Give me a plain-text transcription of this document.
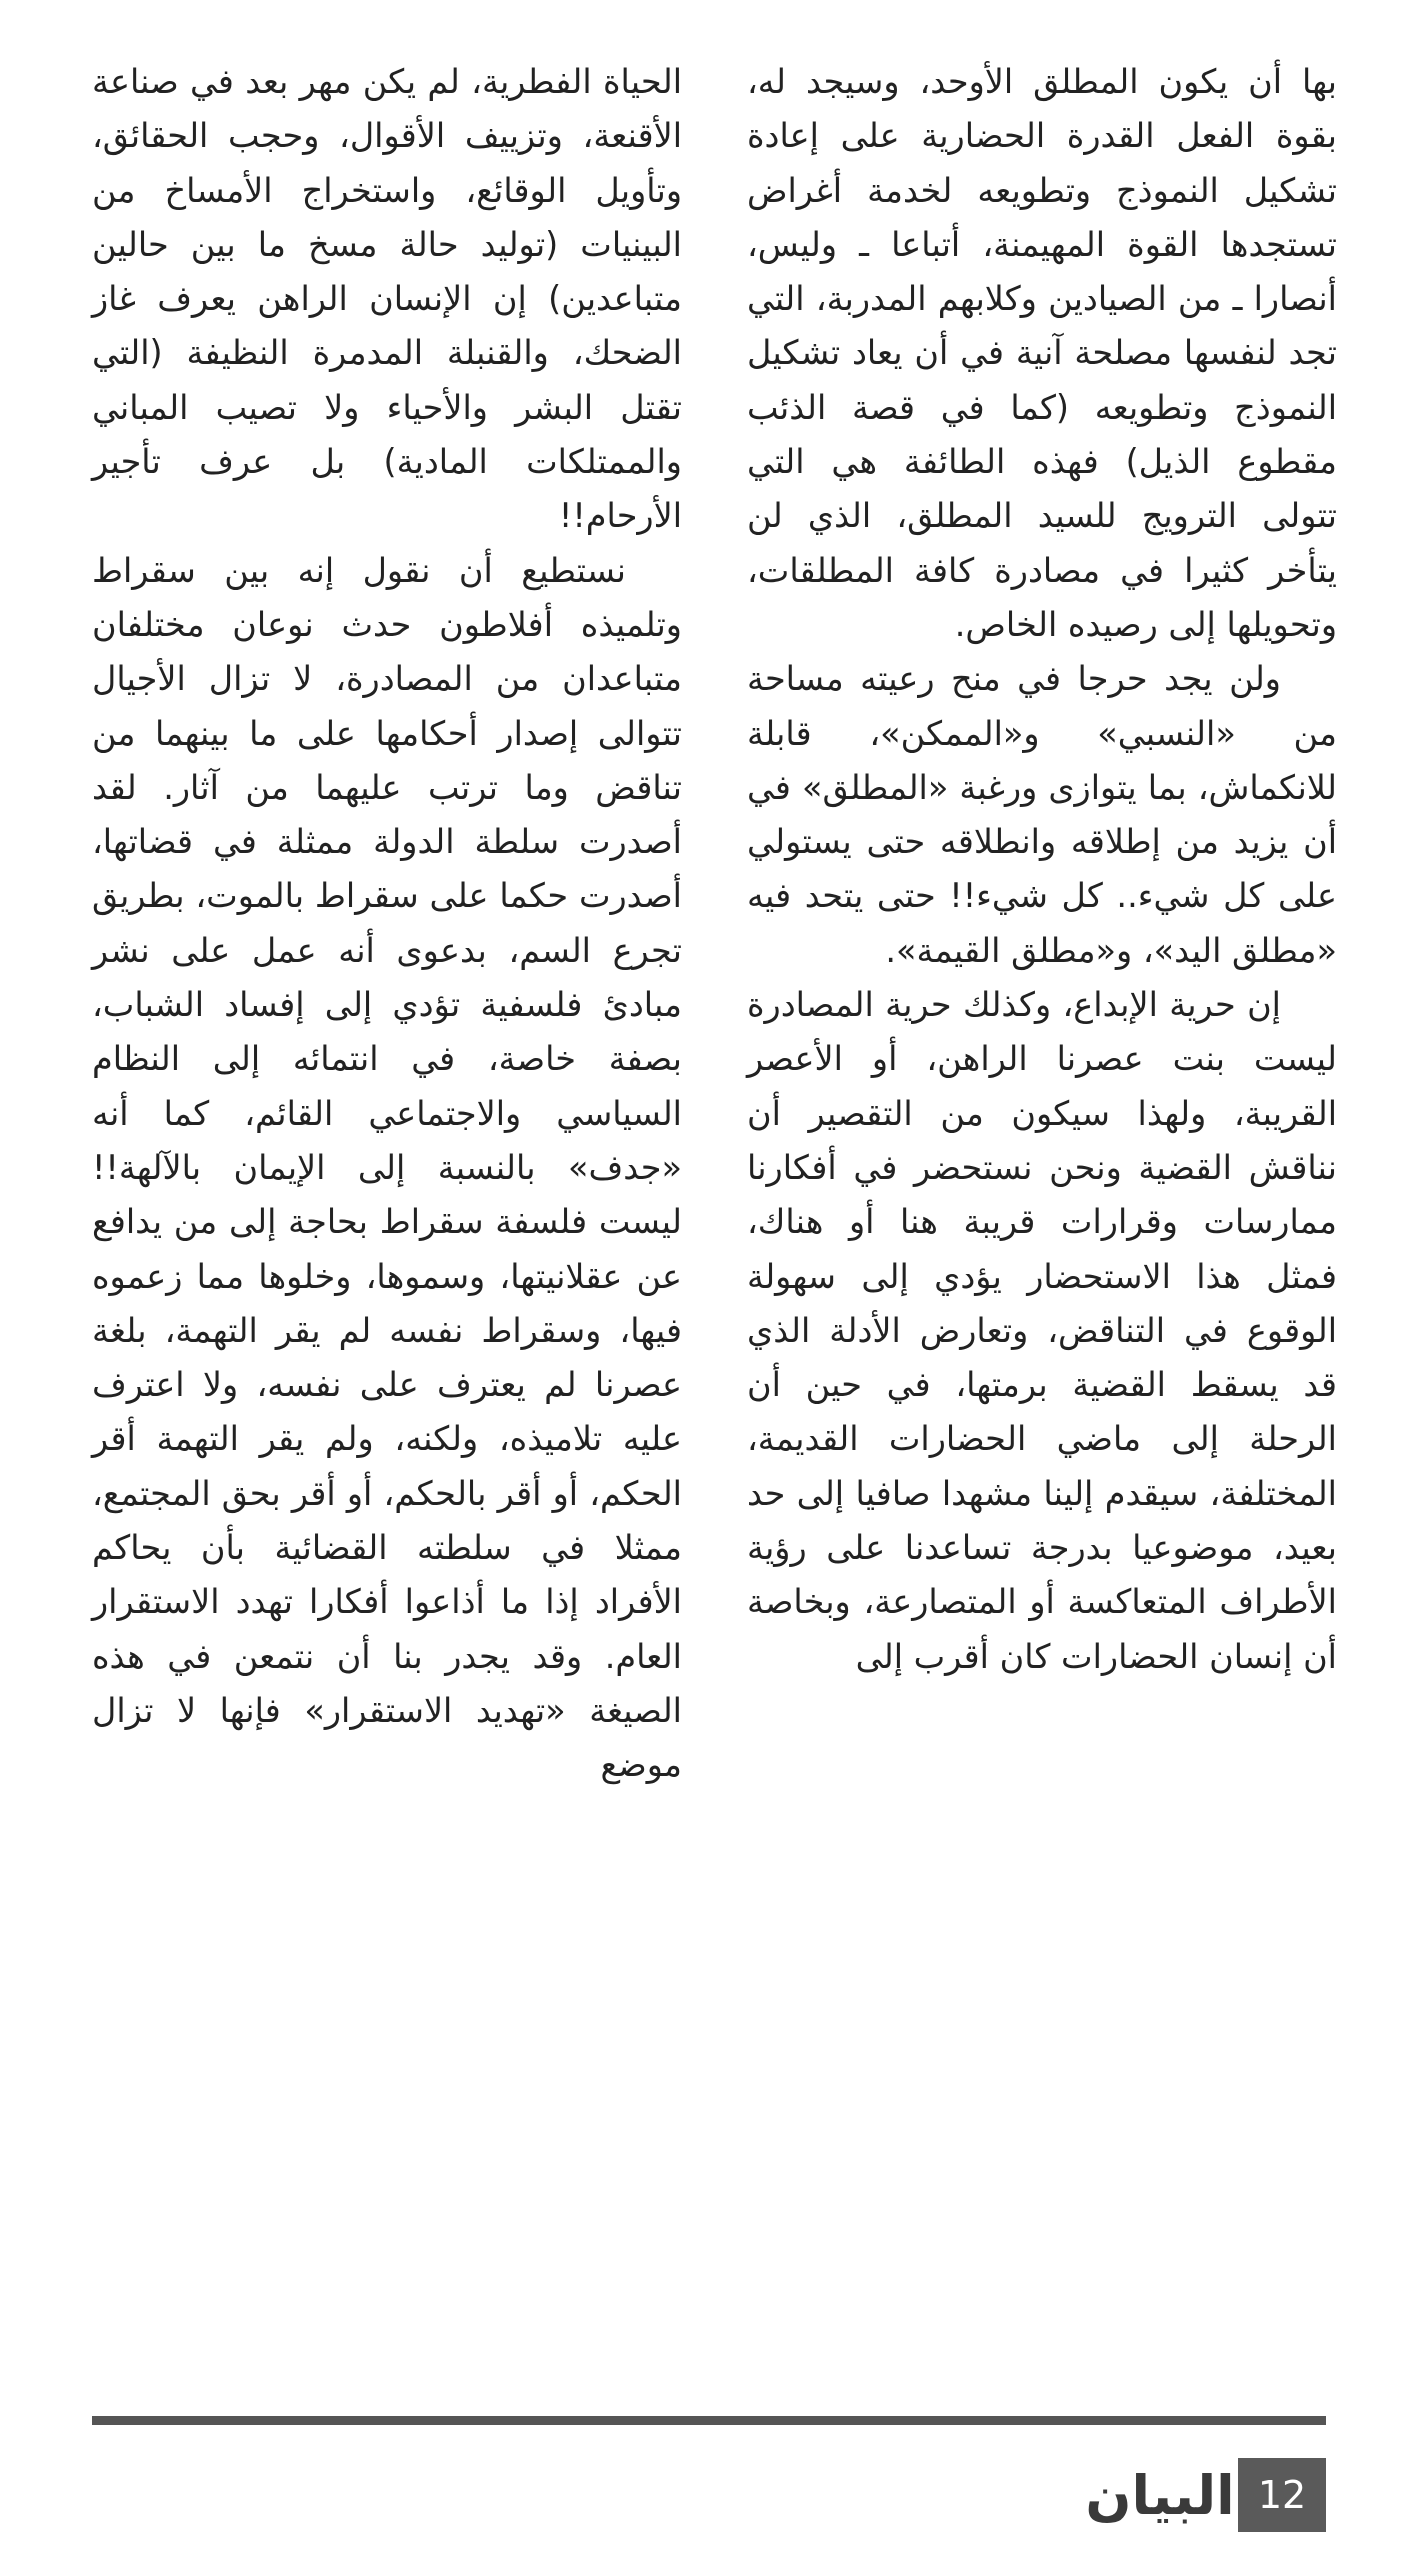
بها أن يكون المطلق الأوحد، وسيجد له، بقوة الفعل القدرة الحضارية على إعادة تشكيل النموذج وتطويعه لخدمة أغراض تستجدها القوة المهيمنة، أتباعا ـ وليس، أنصارا ـ من الصيادين وكلابهم المدربة، التي تجد لنفسها مصلحة آنية في أن يعاد تشكيل النموذج وتطويعه (كما في قصة الذئب مقطوع الذيل) فهذه الطائفة هي التي تتولى الترويج للسيد المطلق، الذي لن يتأخر كثيرا في مصادرة كافة المطلقات، وتحويلها إلى رصيده الخاص.

ولن يجد حرجا في منح رعيته مساحة من «النسبي» و«الممكن»، قابلة للانكماش، بما يتوازى ورغبة «المطلق» في أن يزيد من إطلاقه وانطلاقه حتى يستولي على كل شيء.. كل شيء!! حتى يتحد فيه «مطلق اليد»، و«مطلق القيمة».

إن حرية الإبداع، وكذلك حرية المصادرة ليست بنت عصرنا الراهن، أو الأعصر القريبة، ولهذا سيكون من التقصير أن نناقش القضية ونحن نستحضر في أفكارنا ممارسات وقرارات قريبة هنا أو هناك، فمثل هذا الاستحضار يؤدي إلى سهولة الوقوع في التناقض، وتعارض الأدلة الذي قد يسقط القضية برمتها، في حين أن الرحلة إلى ماضي الحضارات القديمة، المختلفة، سيقدم إلينا مشهدا صافيا إلى حد بعيد، موضوعيا بدرجة تساعدنا على رؤية الأطراف المتعاكسة أو المتصارعة، وبخاصة أن إنسان الحضارات كان أقرب إلى

الحياة الفطرية، لم يكن مهر بعد في صناعة الأقنعة، وتزييف الأقوال، وحجب الحقائق، وتأويل الوقائع، واستخراج الأمساخ من البينيات (توليد حالة مسخ ما بين حالين متباعدين) إن الإنسان الراهن يعرف غاز الضحك، والقنبلة المدمرة النظيفة (التي تقتل البشر والأحياء ولا تصيب المباني والممتلكات المادية) بل عرف تأجير الأرحام!!

نستطيع أن نقول إنه بين سقراط وتلميذه أفلاطون حدث نوعان مختلفان متباعدان من المصادرة، لا تزال الأجيال تتوالى إصدار أحكامها على ما بينهما من تناقض وما ترتب عليهما من آثار. لقد أصدرت سلطة الدولة ممثلة في قضاتها، أصدرت حكما على سقراط بالموت، بطريق تجرع السم، بدعوى أنه عمل على نشر مبادئ فلسفية تؤدي إلى إفساد الشباب، بصفة خاصة، في انتمائه إلى النظام السياسي والاجتماعي القائم، كما أنه «جدف» بالنسبة إلى الإيمان بالآلهة!! ليست فلسفة سقراط بحاجة إلى من يدافع عن عقلانيتها، وسموها، وخلوها مما زعموه فيها، وسقراط نفسه لم يقر التهمة، بلغة عصرنا لم يعترف على نفسه، ولا اعترف عليه تلاميذه، ولكنه، ولم يقر التهمة أقر الحكم، أو أقر بالحكم، أو أقر بحق المجتمع، ممثلا في سلطته القضائية بأن يحاكم الأفراد إذا ما أذاعوا أفكارا تهدد الاستقرار العام. وقد يجدر بنا أن نتمعن في هذه الصيغة «تهديد الاستقرار» فإنها لا تزال موضع

12
البيان
